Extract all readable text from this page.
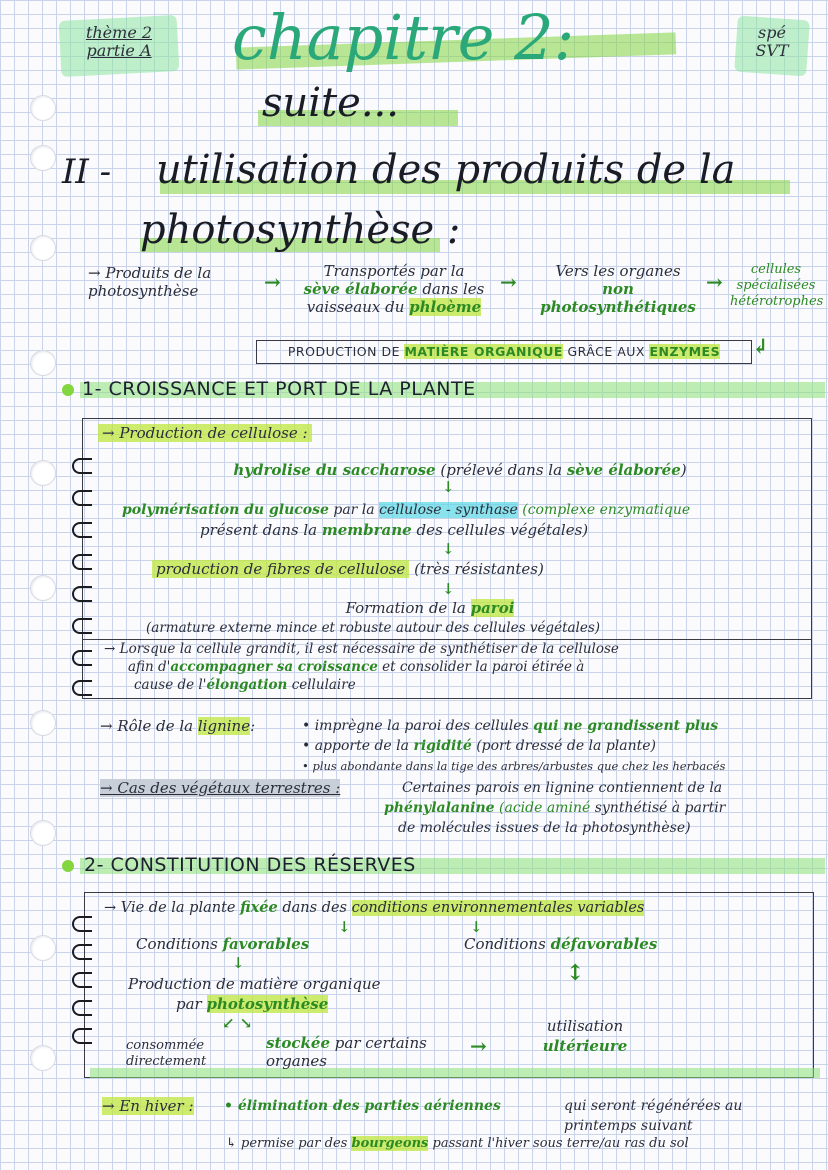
thème 2
partie A
spé
SVT
chapitre 2:
suite...
II - utilisation des produits de la
photosynthèse :
→ Produits de la photosynthèse	→	Transportés par la
sève élaborée dans les vaisseaux du phloème
→	Vers les organes
non photosynthétiques
→
cellules spécialisées hétérotrophes
PRODUCTION DE MATIÈRE ORGANIQUE GRÂCE AUX ENZYMES	↲
1- CROISSANCE ET PORT DE LA PLANTE
→ Production de cellulose :
hydrolise du saccharose (prélevé dans la sève élaborée)
↓
polymérisation du glucose par la cellulose - synthase (complexe enzymatique
présent dans la membrane des cellules végétales)
↓
production de fibres de cellulose (très résistantes)
↓
Formation de la paroi
(armature externe mince et robuste autour des cellules végétales)
→ Lorsque la cellule grandit, il est nécessaire de synthétiser de la cellulose
afin d'accompagner sa croissance et consolider la paroi étirée à
cause de l'élongation cellulaire
→ Rôle de la lignine:	• imprègne la paroi des cellules qui ne grandissent plus
• apporte de la rigidité (port dressé de la plante)
• plus abondante dans la tige des arbres/arbustes que chez les herbacés
→ Cas des végétaux terrestres :	Certaines parois en lignine contiennent de la
phénylalanine (acide aminé synthétisé à partir
de molécules issues de la photosynthèse)
2- CONSTITUTION DES RÉSERVES
→ Vie de la plante fixée dans des conditions environnementales variables
↓	↓
Conditions favorables	Conditions défavorables
↓	↕
Production de matière organique
par photosynthèse
↙ ↘
consommée directement
stockée par certains organes
→
utilisation
ultérieure
→ En hiver : • élimination des parties aériennes	qui seront régénérées au printemps suivant
↳ permise par des bourgeons passant l'hiver sous terre/au ras du sol
